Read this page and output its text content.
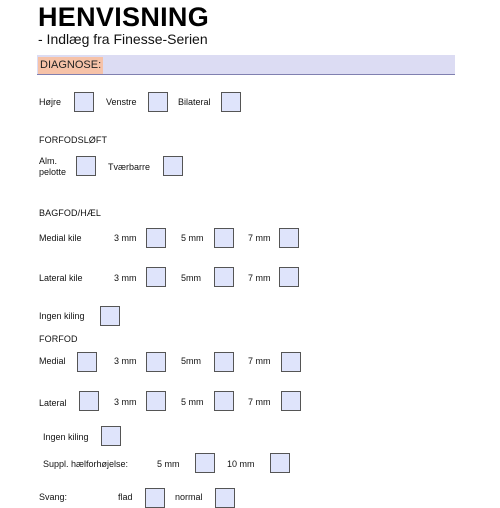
HENVISNING
- Indlæg fra Finesse-Serien
DIAGNOSE:
Højre	Venstre	Bilateral
FORFODSLØFT
Alm.
pelotte	Tværbarre
BAGFOD/HÆL
Medial kile	3 mm	5 mm	7 mm
Lateral kile	3 mm	5mm	7 mm
Ingen kiling
FORFOD
Medial	3 mm	5mm	7 mm
Lateral	3 mm	5 mm	7 mm
Ingen kiling
Suppl. hælforhøjelse:	5 mm	10 mm
Svang:	flad	normal
